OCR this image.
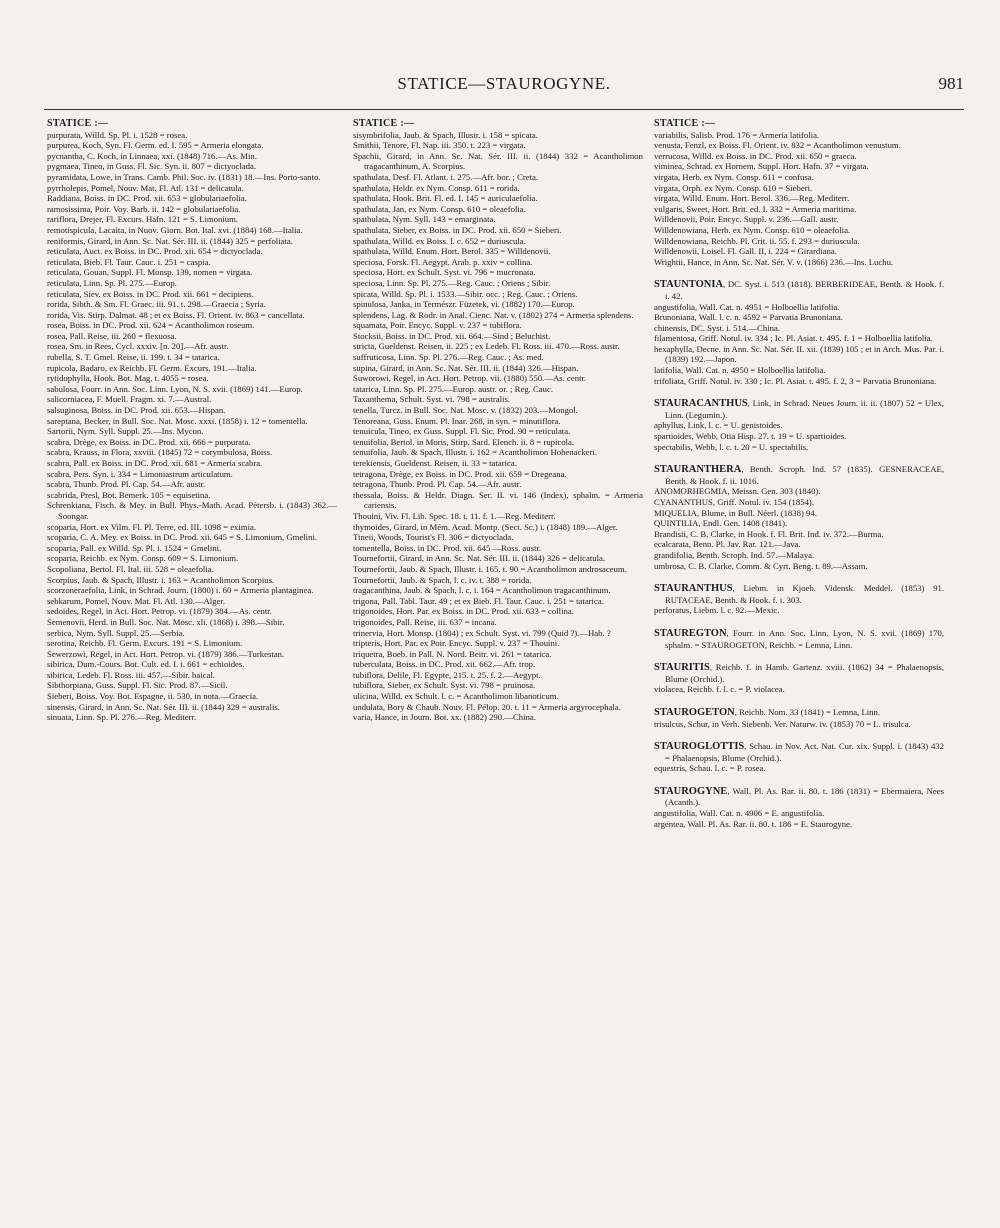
STATICE—STAUROGYNE.	981
STATICE :—

purpurata, Willd. Sp. Pl. i. 1528 = rosea.

purpurea, Koch, Syn. Fl. Germ. ed. I. 595 = Armeria elongata.

pycnantha, C. Koch, in Linnaea, xxi. (1848) 716.—As. Min.

pygmaea, Tineo, in Guss. Fl. Sic. Syn. ii. 807 = dictyoclada.

pyramidata, Lowe, in Trans. Camb. Phil. Soc. iv. (1831) 18.—Ins. Porto-santo.

pyrrholepis, Pomel, Nouv. Mat. Fl. Atl. 131 = delicatula.

Raddiana, Boiss. in DC. Prod. xii. 653 = globulariaefolia.

ramosissima, Poir. Voy. Barb. ii. 142 = globulariaefolia.

rariflora, Drejer, Fl. Excurs. Hafn. 121 = S. Limonium.

remotispicula, Lacaita, in Nuov. Giorn. Bot. Ital. xvi. (1884) 168.—Italia.

reniformis, Girard, in Ann. Sc. Nat. Sér. III. ii. (1844) 325 = perfoliata.

reticulata, Auct. ex Boiss. in DC. Prod. xii. 654 = dictyoclada.

reticulata, Bieb. Fl. Taur. Cauc. i. 251 = caspia.

reticulata, Gouan, Suppl. Fl. Monsp. 139, nomen = virgata.

reticulata, Linn. Sp. Pl. 275.—Europ.

reticulata, Siev. ex Boiss. in DC. Prod. xii. 661 = decipiens.

rorida, Sibth. & Sm. Fl. Graec. iii. 91. t. 298.—Graecia ; Syria.

rorida, Vis. Stirp. Dalmat. 48 ; et ex Boiss. Fl. Orient. iv. 863 = cancellata.

rosea, Boiss. in DC. Prod. xii. 624 = Acantholimon roseum.

rosea, Pall. Reise, iii. 260 = flexuosa.

rosea, Sm. in Rees, Cycl. xxxiv. [n. 20].—Afr. austr.

rubella, S. T. Gmel. Reise, ii. 199. t. 34 = tatarica.

rupicola, Badaro, ex Reichb. Fl. Germ. Excurs. 191.—Italia.

rytidophylla, Hook. Bot. Mag. t. 4055 = rosea.

sabulosa, Fourr. in Ann. Soc. Linn. Lyon, N. S. xvii. (1869) 141.—Europ.

salicorniacea, F. Muell. Fragm. xi. 7.—Austral.

salsuginosa, Boiss. in DC. Prod. xii. 653.—Hispan.

sareptana, Becker, in Bull. Soc. Nat. Mosc. xxxi. (1858) i. 12 = tomentella.

Sartorii, Nym. Syll. Suppl. 25.—Ins. Mycon.

scabra, Drège, ex Boiss. in DC. Prod. xii. 666 = purpurata.

scabra, Krauss, in Flora, xxviii. (1845) 72 = corymbulosa, Boiss.

scabra, Pall. ex Boiss. in DC. Prod. xii. 681 = Armeria scabra.

scabra, Pers. Syn. i. 334 = Limoniastrum articulatum.

scabra, Thunb. Prod. Pl. Cap. 54.—Afr. austr.

scabrida, Presl, Bot. Bemerk. 105 = equisetina.

Schrenkiana, Fisch. & Mey. in Bull. Phys.-Math. Acad. Pétersb. i. (1843) 362.—Soongar.

scoparia, Hort. ex Vilm. Fl. Pl. Terre, ed. III. 1098 = eximia.

scoparia, C. A. Mey. ex Boiss. in DC. Prod. xii. 645 = S. Limonium, Gmelini.

scoparia, Pall. ex Willd. Sp. Pl. i. 1524 = Gmelini.

scoparia, Reichb. ex Nym. Consp. 609 = S. Limonium.

Scopoliana, Bertol. Fl. Ital. iii. 528 = oleaefolia.

Scorpius, Jaub. & Spach, Illustr. i. 163 = Acantholimon Scorpius.

scorzoneraefolia, Link, in Schrad. Journ. (1800) i. 60 = Armeria plantaginea.

sebkarum, Pomel, Nouv. Mat. Fl. Atl. 130.—Alger.

sedoides, Regel, in Act. Hort. Petrop. vi. (1879) 384.—As. centr.

Semenovii, Herd. in Bull. Soc. Nat. Mosc. xli. (1868) i. 398.—Sibir.

serbica, Nym. Syll. Suppl. 25.—Serbia.

serotina, Reichb. Fl. Germ. Excurs. 191 = S. Limonium.

Sewerzowi, Regel, in Act. Hort. Petrop. vi. (1879) 386.—Turkestan.

sibirica, Dum.-Cours. Bot. Cult. ed. I. i. 661 = echioides.

sibirica, Ledeb. Fl. Ross. iii. 457.—Sibir. baical.

Sibthorpiana, Guss. Suppl. Fl. Sic. Prod. 87.—Sicil.

Sieberi, Boiss. Voy. Bot. Espagne, ii. 530, in nota.—Graecia.

sinensis, Girard, in Ann. Sc. Nat. Sér. III. ii. (1844) 329 = australis.

sinuata, Linn. Sp. Pl. 276.—Reg. Mediterr.

STATICE :—

sisymbrifolia, Jaub. & Spach, Illustr. i. 158 = spicata.

Smithii, Tenore, Fl. Nap. iii. 350. t. 223 = virgata.

Spachii, Girard, in Ann. Sc. Nat. Sér. III. ii. (1844) 332 = Acantholimon tragacanthinum, A. Scorpius.

spathulata, Desf. Fl. Atlant. i. 275.—Afr. bor. ; Creta.

spathulata, Heldr. ex Nym. Consp. 611 = rorida.

spathulata, Hook. Brit. Fl. ed. I. 145 = auriculaefolia.

spathulata, Jan, ex Nym. Consp. 610 = oleaefolia.

spathulata, Nym. Syll. 143 = emarginata.

spathulata, Sieber, ex Boiss. in DC. Prod. xii. 650 = Sieberi.

spathulata, Willd. ex Boiss. l. c. 652 = duriuscula.

spathulata, Willd. Enum. Hort. Berol. 335 = Willdenovii.

speciosa, Forsk. Fl. Aegypt. Arab. p. xxiv = collina.

speciosa, Hort. ex Schult. Syst. vi. 796 = mucronata.

speciosa, Linn. Sp. Pl. 275.—Reg. Cauc. ; Oriens ; Sibir.

spicata, Willd. Sp. Pl. i. 1533.—Sibir. occ. ; Reg. Cauc. ; Oriens.

spinulosa, Janka, in Természr. Füzetek, vi. (1882) 170.—Europ.

splendens, Lag. & Rodr. in Anal. Cienc. Nat. v. (1802) 274 = Armeria splendens.

squamata, Poir. Encyc. Suppl. v. 237 = tubiflora.

Stocksii, Boiss. in DC. Prod. xii. 664.—Sind ; Beluchist.

stricta, Gueldenst. Reisen, ii. 225 ; ex Ledeb. Fl. Ross. iii. 470.—Ross. austr.

suffruticosa, Linn. Sp. Pl. 276.—Reg. Cauc. ; As. med.

supina, Girard, in Ann. Sc. Nat. Sér. III. ii. (1844) 326.—Hispan.

Suworowi, Regel, in Act. Hort. Petrop. vii. (1880) 550.—As. centr.

tatarica, Linn. Sp. Pl. 275.—Europ. austr. or. ; Reg. Cauc.

Taxanthema, Schult. Syst. vi. 798 = australis.

tenella, Turcz. in Bull. Soc. Nat. Mosc. v. (1832) 203.—Mongol.

Tenoreana, Guss. Enum. Pl. Inar. 268, in syn. = minutiflora.

tenuicula, Tineo, ex Guss. Suppl. Fl. Sic. Prod. 90 = reticulata.

tenuifolia, Bertol. in Moris, Stirp. Sard. Elench. ii. 8 = rupicola.

tenuifolia, Jaub. & Spach, Illustr. i. 162 = Acantholimon Hohenackeri.

terekiensis, Gueldenst. Reisen, ii. 33 = tatarica.

tetragona, Drège, ex Boiss. in DC. Prod. xii. 659 = Dregeana.

tetragona, Thunb. Prod. Pl. Cap. 54.—Afr. austr.

thessala, Boiss. & Heldr. Diagn. Ser. II. vi. 146 (Index), sphalm. = Armeria cariensis.

Thouini, Viv. Fl. Lib. Spec. 18. t. 11. f. 1.—Reg. Mediterr.

thymoides, Girard, in Mém. Acad. Montp. (Sect. Sc.) i. (1848) 189.—Alger.

Tineii, Woods, Tourist's Fl. 306 = dictyoclada.

tomentella, Boiss. in DC. Prod. xii. 645 —Ross. austr.

Tournefortii, Girard, in Ann. Sc. Nat. Sér. III. ii. (1844) 326 = delicatula.

Tournefortii, Jaub. & Spach, Illustr. i. 165. t. 90 = Acantholimon androsaceum.

Tournefortii, Jaub. & Spach, l. c. iv. t. 388 = rorida.

tragacanthina, Jaub. & Spach, l. c. i. 164 = Acantholimon tragacanthinum.

trigona, Pall. Tabl. Taur. 49 ; et ex Bieb. Fl. Taur. Cauc. i. 251 = tatarica.

trigonoides, Hort. Par. ex Boiss. in DC. Prod. xii. 633 = collina.

trigonoides, Pall. Reise, iii. 637 = incana.

trinervia, Hort. Monsp. (1804) ; ex Schult. Syst. vi. 799 (Quid ?).—Hab. ?

tripteris, Hort. Par. ex Poir. Encyc. Suppl. v. 237 = Thouini.

triquetra, Boeb. in Pall. N. Nord. Beitr. vi. 261 = tatarica.

tuberculata, Boiss. in DC. Prod. xii. 662.—Afr. trop.

tubiflora, Delile, Fl. Egypte, 215. t. 25. f. 2.—Aegypt.

tubiflora, Sieber, ex Schult. Syst. vi. 798 = pruinosa.

ulicina, Willd. ex Schult. l. c. = Acantholimon libanoticum.

undulata, Bory & Chaub. Nouv. Fl. Pélop. 20. t. 11 = Armeria argyrocephala.

varia, Hance, in Journ. Bot. xx. (1882) 290.—China.

STATICE :—

variabilis, Salisb. Prod. 176 = Armeria latifolia.

venusta, Fenzl, ex Boiss. Fl. Orient. iv. 832 = Acantholimon venustum.

verrucosa, Willd. ex Boiss. in DC. Prod. xii. 650 = graeca.

viminea, Schrad. ex Hornem. Suppl. Hort. Hafn. 37 = virgata.

virgata, Herb. ex Nym. Consp. 611 = confusa.

virgata, Orph. ex Nym. Consp. 610 = Sieberi.

virgata, Willd. Enum. Hort. Berol. 336.—Reg. Mediterr.

vulgaris, Sweet, Hort. Brit. ed. I. 332 = Armeria maritima.

Willdenovii, Poir. Encyc. Suppl. v. 236.—Gall. austr.

Willdenowiana, Herb. ex Nym. Consp. 610 = oleaefolia.

Willdenowiana, Reichb. Pl. Crit. ii. 55. f. 293 = duriuscula.

Willdenowii, Loisel. Fl. Gall. II, i. 224 = Girardiana.

Wrightii, Hance, in Ann. Sc. Nat. Sér. V. v. (1866) 236.—Ins. Luchu.

STAUNTONIA, DC. Syst. i. 513 (1818). BERBERIDEAE, Benth. & Hook. f. i. 42.

angustifolia, Wall. Cat. n. 4951 = Holboellia latifolia.

Brunoniana, Wall. l. c. n. 4592 = Parvatia Brunoniana.

chinensis, DC. Syst. i. 514.—China.

filamentosa, Griff. Notul. iv. 334 ; Ic. Pl. Asiat. t. 495. f. 1 = Holboellia latifolia.

hexaphylla, Decne. in Ann. Sc. Nat. Sér. II. xii. (1839) 105 ; et in Arch. Mus. Par. i. (1839) 192.—Japon.

latifolia, Wall. Cat. n. 4950 = Holboellia latifolia.

trifoliata, Griff. Notul. iv. 330 ; Ic. Pl. Asiat. t. 495. f. 2, 3 = Parvatia Brunoniana.

STAURACANTHUS, Link, in Schrad. Neues Journ. ii. ii. (1807) 52 = Ulex, Linn. (Legumin.).

aphyllus, Link, l. c. = U. genistoides.

spartioides, Webb, Otia Hisp. 27. t. 19 = U. spartioides.

spectabilis, Webb, l. c. t. 20 = U. spectabilis.

STAURANTHERA, Benth. Scroph. Ind. 57 (1835). GESNERACEAE, Benth. & Hook. f. ii. 1016.

ANOMORHEGMIA, Meissn. Gen. 303 (1840).

CYANANTHUS, Griff. Notul. iv. 154 (1854).

MIQUELIA, Blume, in Bull. Néerl. (1838) 94.

QUINTILIA, Endl. Gen. 1408 (1841).

Brandisii, C. B. Clarke, in Hook. f. Fl. Brit. Ind. iv. 372.—Burma.

ecalcarata, Benn. Pl. Jav. Rar. 121.—Java.

grandifolia, Benth. Scroph. Ind. 57.—Malaya.

umbrosa, C. B. Clarke, Comm. & Cyrt. Beng. t. 89.—Assam.

STAURANTHUS, Liebm. in Kjoeb. Vidensk. Meddel. (1853) 91. RUTACEAE, Benth. & Hook. f. i. 303.

perforatus, Liebm. l. c. 92.—Mexic.

STAUREGTON, Fourr. in Ann. Soc. Linn. Lyon, N. S. xvii. (1869) 170, sphalm. = STAUROGETON, Reichb. = Lemna, Linn.

STAURITIS, Reichb. f. in Hamb. Gartenz. xviii. (1862) 34 = Phalaenopsis, Blume (Orchid.).

violacea, Reichb. f. l. c. = P. violacea.

STAUROGETON, Reichb. Nom. 33 (1841) = Lemna, Linn.

trisulcus, Schur, in Verh. Siebenb. Ver. Naturw. iv. (1853) 70 = L. trisulca.

STAUROGLOTTIS, Schau. in Nov. Act. Nat. Cur. xix. Suppl. i. (1843) 432 = Phalaenopsis, Blume (Orchid.).

equestris, Schau. l. c. = P. rosea.

STAUROGYNE, Wall. Pl. As. Rar. ii. 80. t. 186 (1831) = Ebermaiera, Nees (Acanth.).

angustifolia, Wall. Cat. n. 4906 = E. angustifolia.

argentea, Wall. Pl. As. Rar. ii. 80. t. 186 = E. Staurogyne.
